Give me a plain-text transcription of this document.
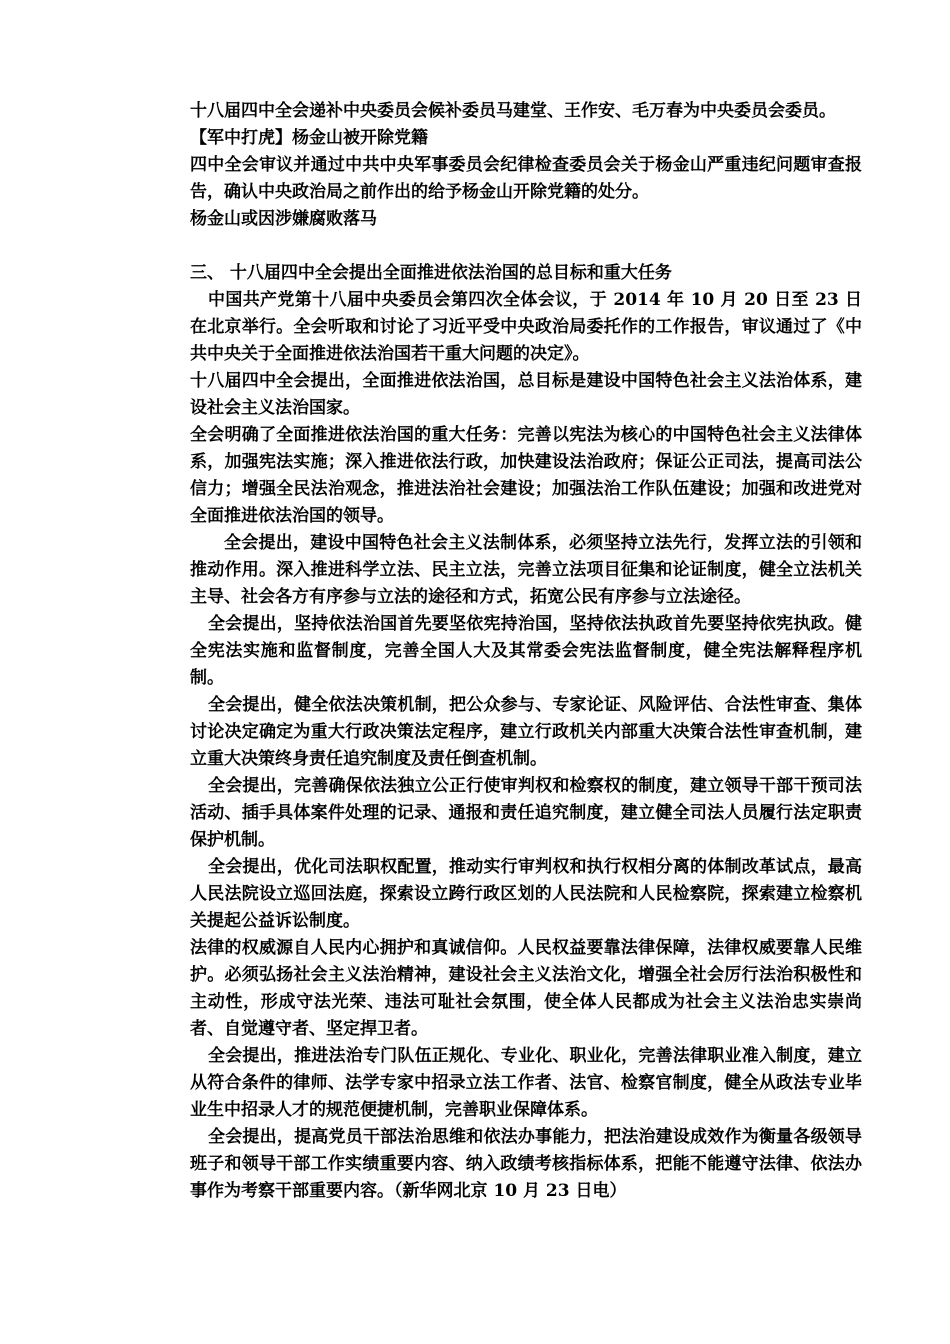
十八届四中全会递补中央委员会候补委员马建堂、王作安、毛万春为中央委员会委员。

【军中打虎】杨金山被开除党籍

四中全会审议并通过中共中央军事委员会纪律检查委员会关于杨金山严重违纪问题审查报告，确认中央政治局之前作出的给予杨金山开除党籍的处分。

杨金山或因涉嫌腐败落马

三、 十八届四中全会提出全面推进依法治国的总目标和重大任务

中国共产党第十八届中央委员会第四次全体会议，于 2014 年 10 月 20 日至 23 日在北京举行。全会听取和讨论了习近平受中央政治局委托作的工作报告，审议通过了《中共中央关于全面推进依法治国若干重大问题的决定》。

十八届四中全会提出，全面推进依法治国，总目标是建设中国特色社会主义法治体系，建设社会主义法治国家。

全会明确了全面推进依法治国的重大任务：完善以宪法为核心的中国特色社会主义法律体系，加强宪法实施；深入推进依法行政，加快建设法治政府；保证公正司法，提高司法公信力；增强全民法治观念，推进法治社会建设；加强法治工作队伍建设；加强和改进党对全面推进依法治国的领导。

全会提出，建设中国特色社会主义法制体系，必须坚持立法先行，发挥立法的引领和推动作用。深入推进科学立法、民主立法，完善立法项目征集和论证制度，健全立法机关主导、社会各方有序参与立法的途径和方式，拓宽公民有序参与立法途径。

全会提出，坚持依法治国首先要坚依宪持治国，坚持依法执政首先要坚持依宪执政。健全宪法实施和监督制度，完善全国人大及其常委会宪法监督制度，健全宪法解释程序机制。

全会提出，健全依法决策机制，把公众参与、专家论证、风险评估、合法性审查、集体讨论决定确定为重大行政决策法定程序，建立行政机关内部重大决策合法性审查机制，建立重大决策终身责任追究制度及责任倒查机制。

全会提出，完善确保依法独立公正行使审判权和检察权的制度，建立领导干部干预司法活动、插手具体案件处理的记录、通报和责任追究制度，建立健全司法人员履行法定职责保护机制。

全会提出，优化司法职权配置，推动实行审判权和执行权相分离的体制改革试点，最高人民法院设立巡回法庭，探索设立跨行政区划的人民法院和人民检察院，探索建立检察机关提起公益诉讼制度。

法律的权威源自人民内心拥护和真诚信仰。人民权益要靠法律保障，法律权威要靠人民维护。必须弘扬社会主义法治精神，建设社会主义法治文化，增强全社会厉行法治积极性和主动性，形成守法光荣、违法可耻社会氛围，使全体人民都成为社会主义法治忠实崇尚者、自觉遵守者、坚定捍卫者。

全会提出，推进法治专门队伍正规化、专业化、职业化，完善法律职业准入制度，建立从符合条件的律师、法学专家中招录立法工作者、法官、检察官制度，健全从政法专业毕业生中招录人才的规范便捷机制，完善职业保障体系。

全会提出，提高党员干部法治思维和依法办事能力，把法治建设成效作为衡量各级领导班子和领导干部工作实绩重要内容、纳入政绩考核指标体系，把能不能遵守法律、依法办事作为考察干部重要内容。（新华网北京 10 月 23 日电）
